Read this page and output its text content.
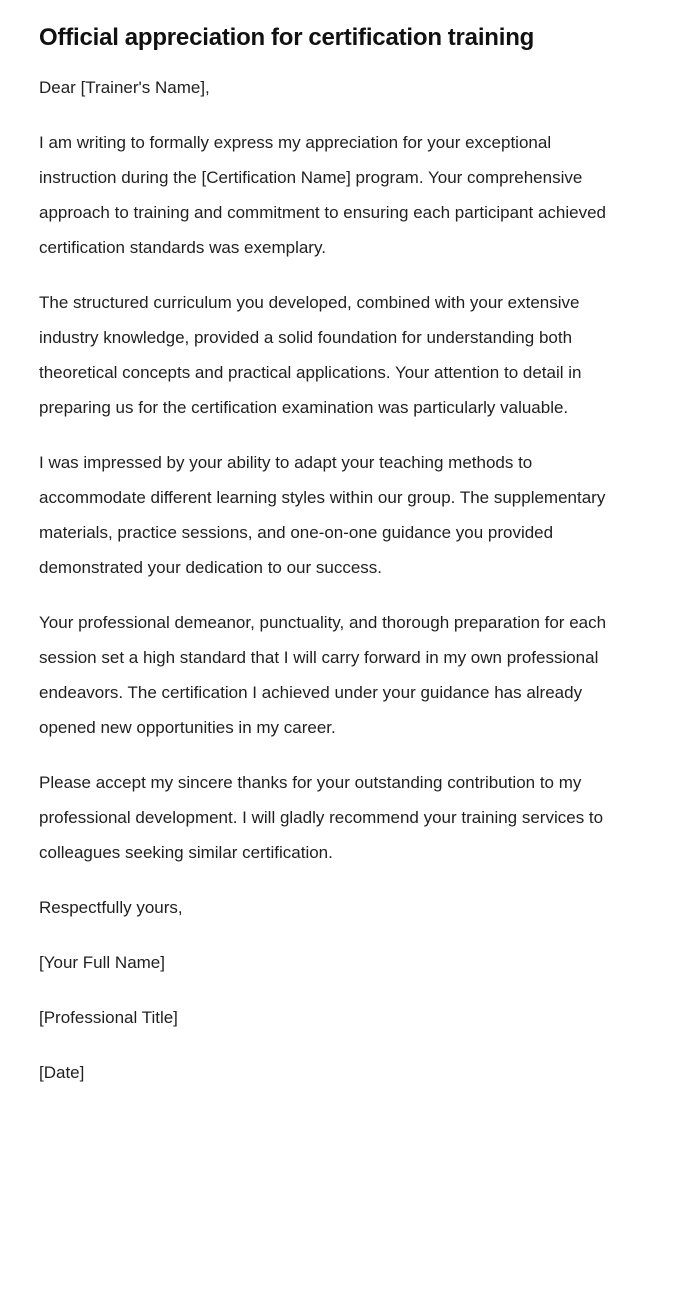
Official appreciation for certification training

Dear [Trainer's Name],

I am writing to formally express my appreciation for your exceptional instruction during the [Certification Name] program. Your comprehensive approach to training and commitment to ensuring each participant achieved certification standards was exemplary.

The structured curriculum you developed, combined with your extensive industry knowledge, provided a solid foundation for understanding both theoretical concepts and practical applications. Your attention to detail in preparing us for the certification examination was particularly valuable.

I was impressed by your ability to adapt your teaching methods to accommodate different learning styles within our group. The supplementary materials, practice sessions, and one-on-one guidance you provided demonstrated your dedication to our success.

Your professional demeanor, punctuality, and thorough preparation for each session set a high standard that I will carry forward in my own professional endeavors. The certification I achieved under your guidance has already opened new opportunities in my career.

Please accept my sincere thanks for your outstanding contribution to my professional development. I will gladly recommend your training services to colleagues seeking similar certification.

Respectfully yours,

[Your Full Name]

[Professional Title]

[Date]
